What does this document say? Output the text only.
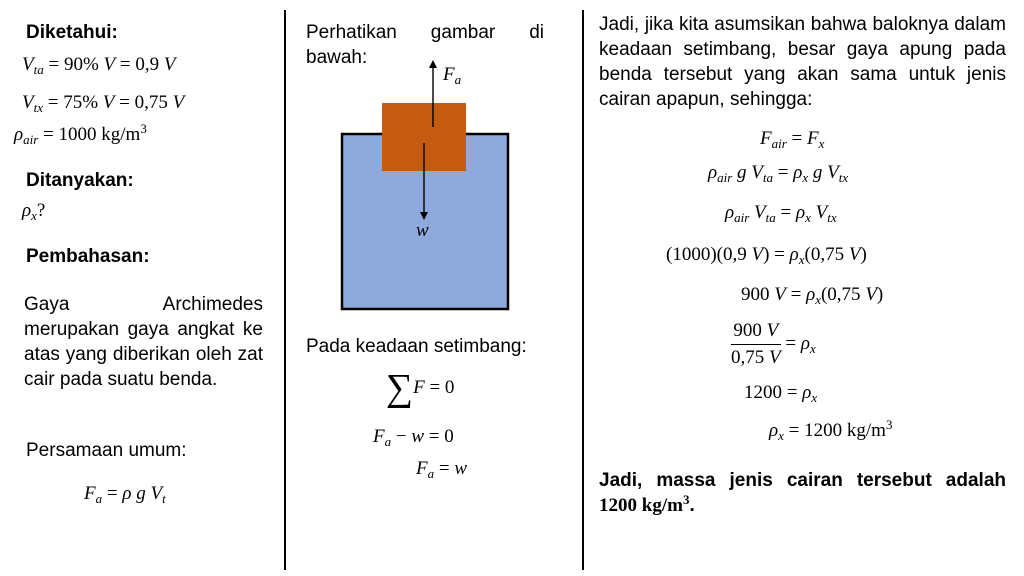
Diketahui:
$V_{ta} = 90\%$ V = 0,9 V
$V_{tx} = 75\%$ V = 0,75 V
$\rho_{air} = 1000$ $kg/m^3$
Ditanyakan:
$\rho_x$?
Pembahasan:
Gaya Archimedes merupakan gaya angkat ke atas yang diberikan oleh zat cair pada suatu benda.
Persamaan umum:
$F_a = \rho$ g $V_t$
Perhatikan gambar di bawah:
$F_a$
w
Pada keadaan setimbang:
∑F = 0
$F_a - w = 0$
$F_a = w$
Jadi, jika kita asumsikan bahwa baloknya dalam keadaan setimbang, besar gaya apung pada benda tersebut yang akan sama untuk jenis cairan apapun, sehingga:
$F_{air} = F_x$
$\rho_{air}$ g $V_{ta} = \rho_x$ g $V_{tx}$
$\rho_{air}$ $V_{ta} = \rho_x$ $V_{tx}$
(1000)(0,9 $V) = \rho_x(0,75$ V)
900 $V = \rho_x(0,75$ V)
$\frac{900 V}{0,75 V} = \rho_x$
$1200 = \rho_x$
$\rho_x = 1200$ $kg/m^3$
Jadi, massa jenis cairan tersebut adalah 1200 $kg/m^3$.
